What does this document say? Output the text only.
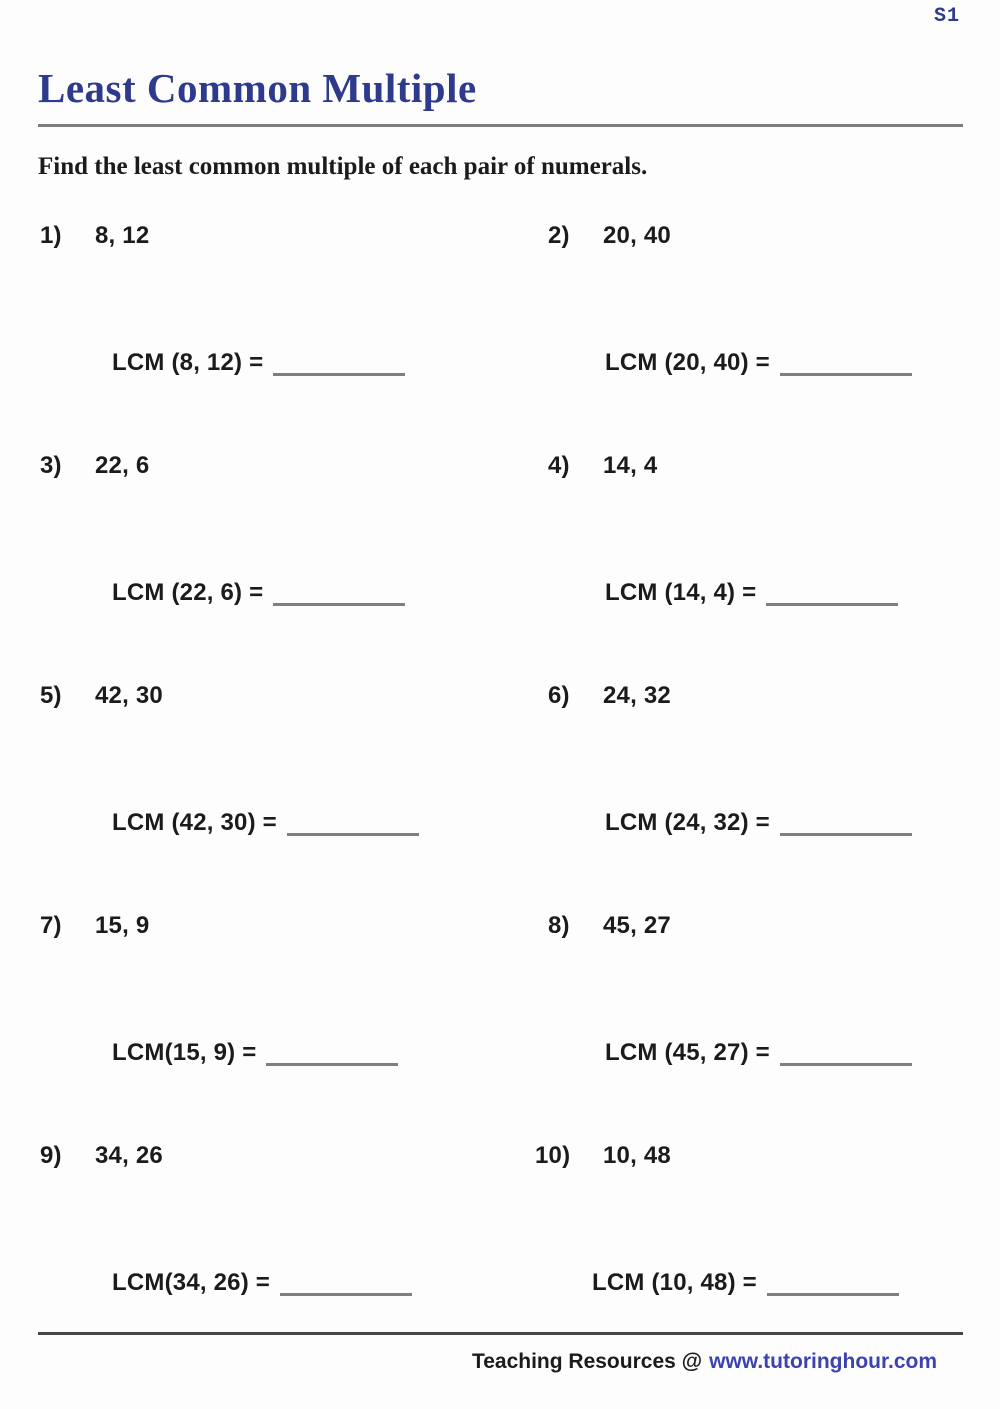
S1
Least Common Multiple
Find the least common multiple of each pair of numerals.
1)	8, 12
LCM (8, 12) =
2)	20, 40
LCM (20, 40) =
3)	22, 6
LCM (22, 6) =
4)	14, 4
LCM (14, 4) =
5)	42, 30
LCM (42, 30) =
6)	24, 32
LCM (24, 32) =
7)	15, 9
LCM(15, 9) =
8)	45, 27
LCM (45, 27) =
9)	34, 26
LCM(34, 26) =
10)	10, 48
LCM (10, 48) =
Teaching Resources @ www.tutoringhour.com
